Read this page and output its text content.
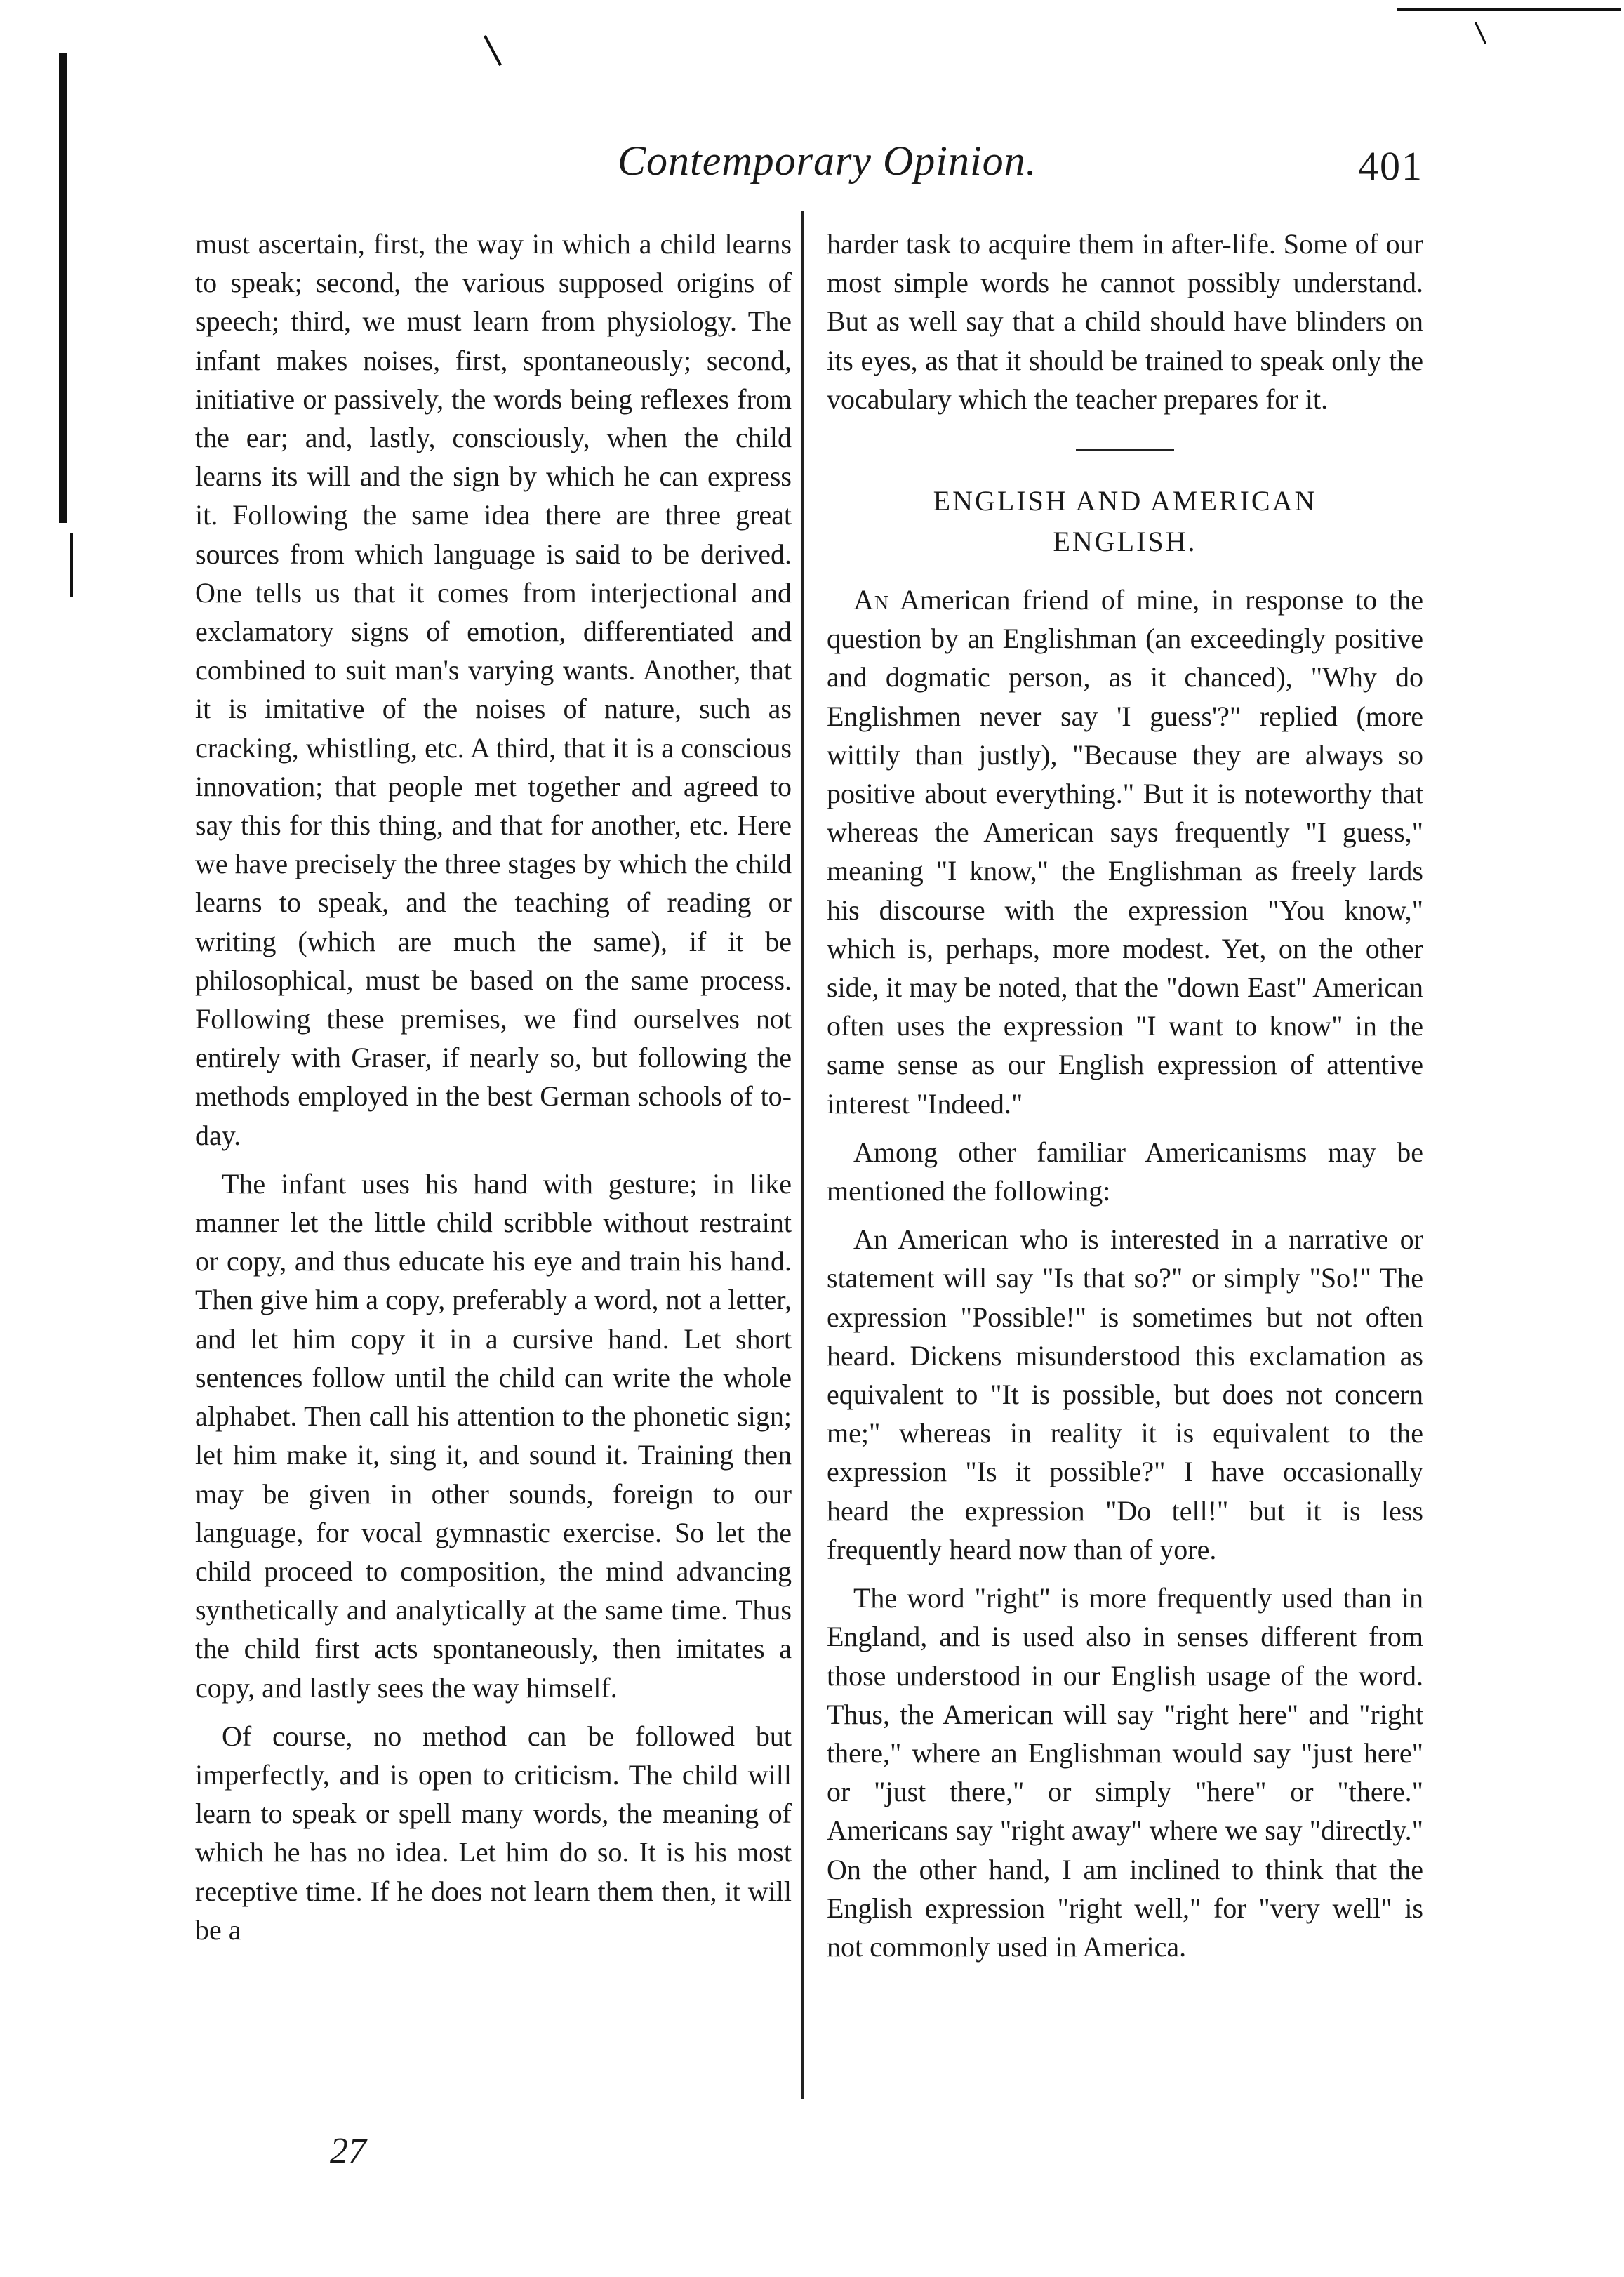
Contemporary Opinion.	401

must ascertain, first, the way in which a child learns to speak; second, the various supposed origins of speech; third, we must learn from physiology. The infant makes noises, first, spontaneously; second, initiative or passively, the words being reflexes from the ear; and, lastly, consciously, when the child learns its will and the sign by which he can express it. Following the same idea there are three great sources from which language is said to be derived. One tells us that it comes from interjectional and exclamatory signs of emotion, differentiated and combined to suit man's varying wants. Another, that it is imitative of the noises of nature, such as cracking, whistling, etc. A third, that it is a conscious innovation; that people met together and agreed to say this for this thing, and that for another, etc. Here we have precisely the three stages by which the child learns to speak, and the teaching of reading or writing (which are much the same), if it be philosophical, must be based on the same process. Following these premises, we find ourselves not entirely with Graser, if nearly so, but following the methods employed in the best German schools of to-day.

The infant uses his hand with gesture; in like manner let the little child scribble without restraint or copy, and thus educate his eye and train his hand. Then give him a copy, preferably a word, not a letter, and let him copy it in a cursive hand. Let short sentences follow until the child can write the whole alphabet. Then call his attention to the phonetic sign; let him make it, sing it, and sound it. Training then may be given in other sounds, foreign to our language, for vocal gymnastic exercise. So let the child proceed to composition, the mind advancing synthetically and analytically at the same time. Thus the child first acts spontaneously, then imitates a copy, and lastly sees the way himself.

Of course, no method can be followed but imperfectly, and is open to criticism. The child will learn to speak or spell many words, the meaning of which he has no idea. Let him do so. It is his most receptive time. If he does not learn them then, it will be a

harder task to acquire them in after-life. Some of our most simple words he cannot possibly understand. But as well say that a child should have blinders on its eyes, as that it should be trained to speak only the vocabulary which the teacher prepares for it.

ENGLISH AND AMERICAN
ENGLISH.

An American friend of mine, in response to the question by an Englishman (an exceedingly positive and dogmatic person, as it chanced), "Why do Englishmen never say 'I guess'?" replied (more wittily than justly), "Because they are always so positive about everything." But it is noteworthy that whereas the American says frequently "I guess," meaning "I know," the Englishman as freely lards his discourse with the expression "You know," which is, perhaps, more modest. Yet, on the other side, it may be noted, that the "down East" American often uses the expression "I want to know" in the same sense as our English expression of attentive interest "Indeed."

Among other familiar Americanisms may be mentioned the following:

An American who is interested in a narrative or statement will say "Is that so?" or simply "So!" The expression "Possible!" is sometimes but not often heard. Dickens misunderstood this exclamation as equivalent to "It is possible, but does not concern me;" whereas in reality it is equivalent to the expression "Is it possible?" I have occasionally heard the expression "Do tell!" but it is less frequently heard now than of yore.

The word "right" is more frequently used than in England, and is used also in senses different from those understood in our English usage of the word. Thus, the American will say "right here" and "right there," where an Englishman would say "just here" or "just there," or simply "here" or "there." Americans say "right away" where we say "directly." On the other hand, I am inclined to think that the English expression "right well," for "very well" is not commonly used in America.

27
